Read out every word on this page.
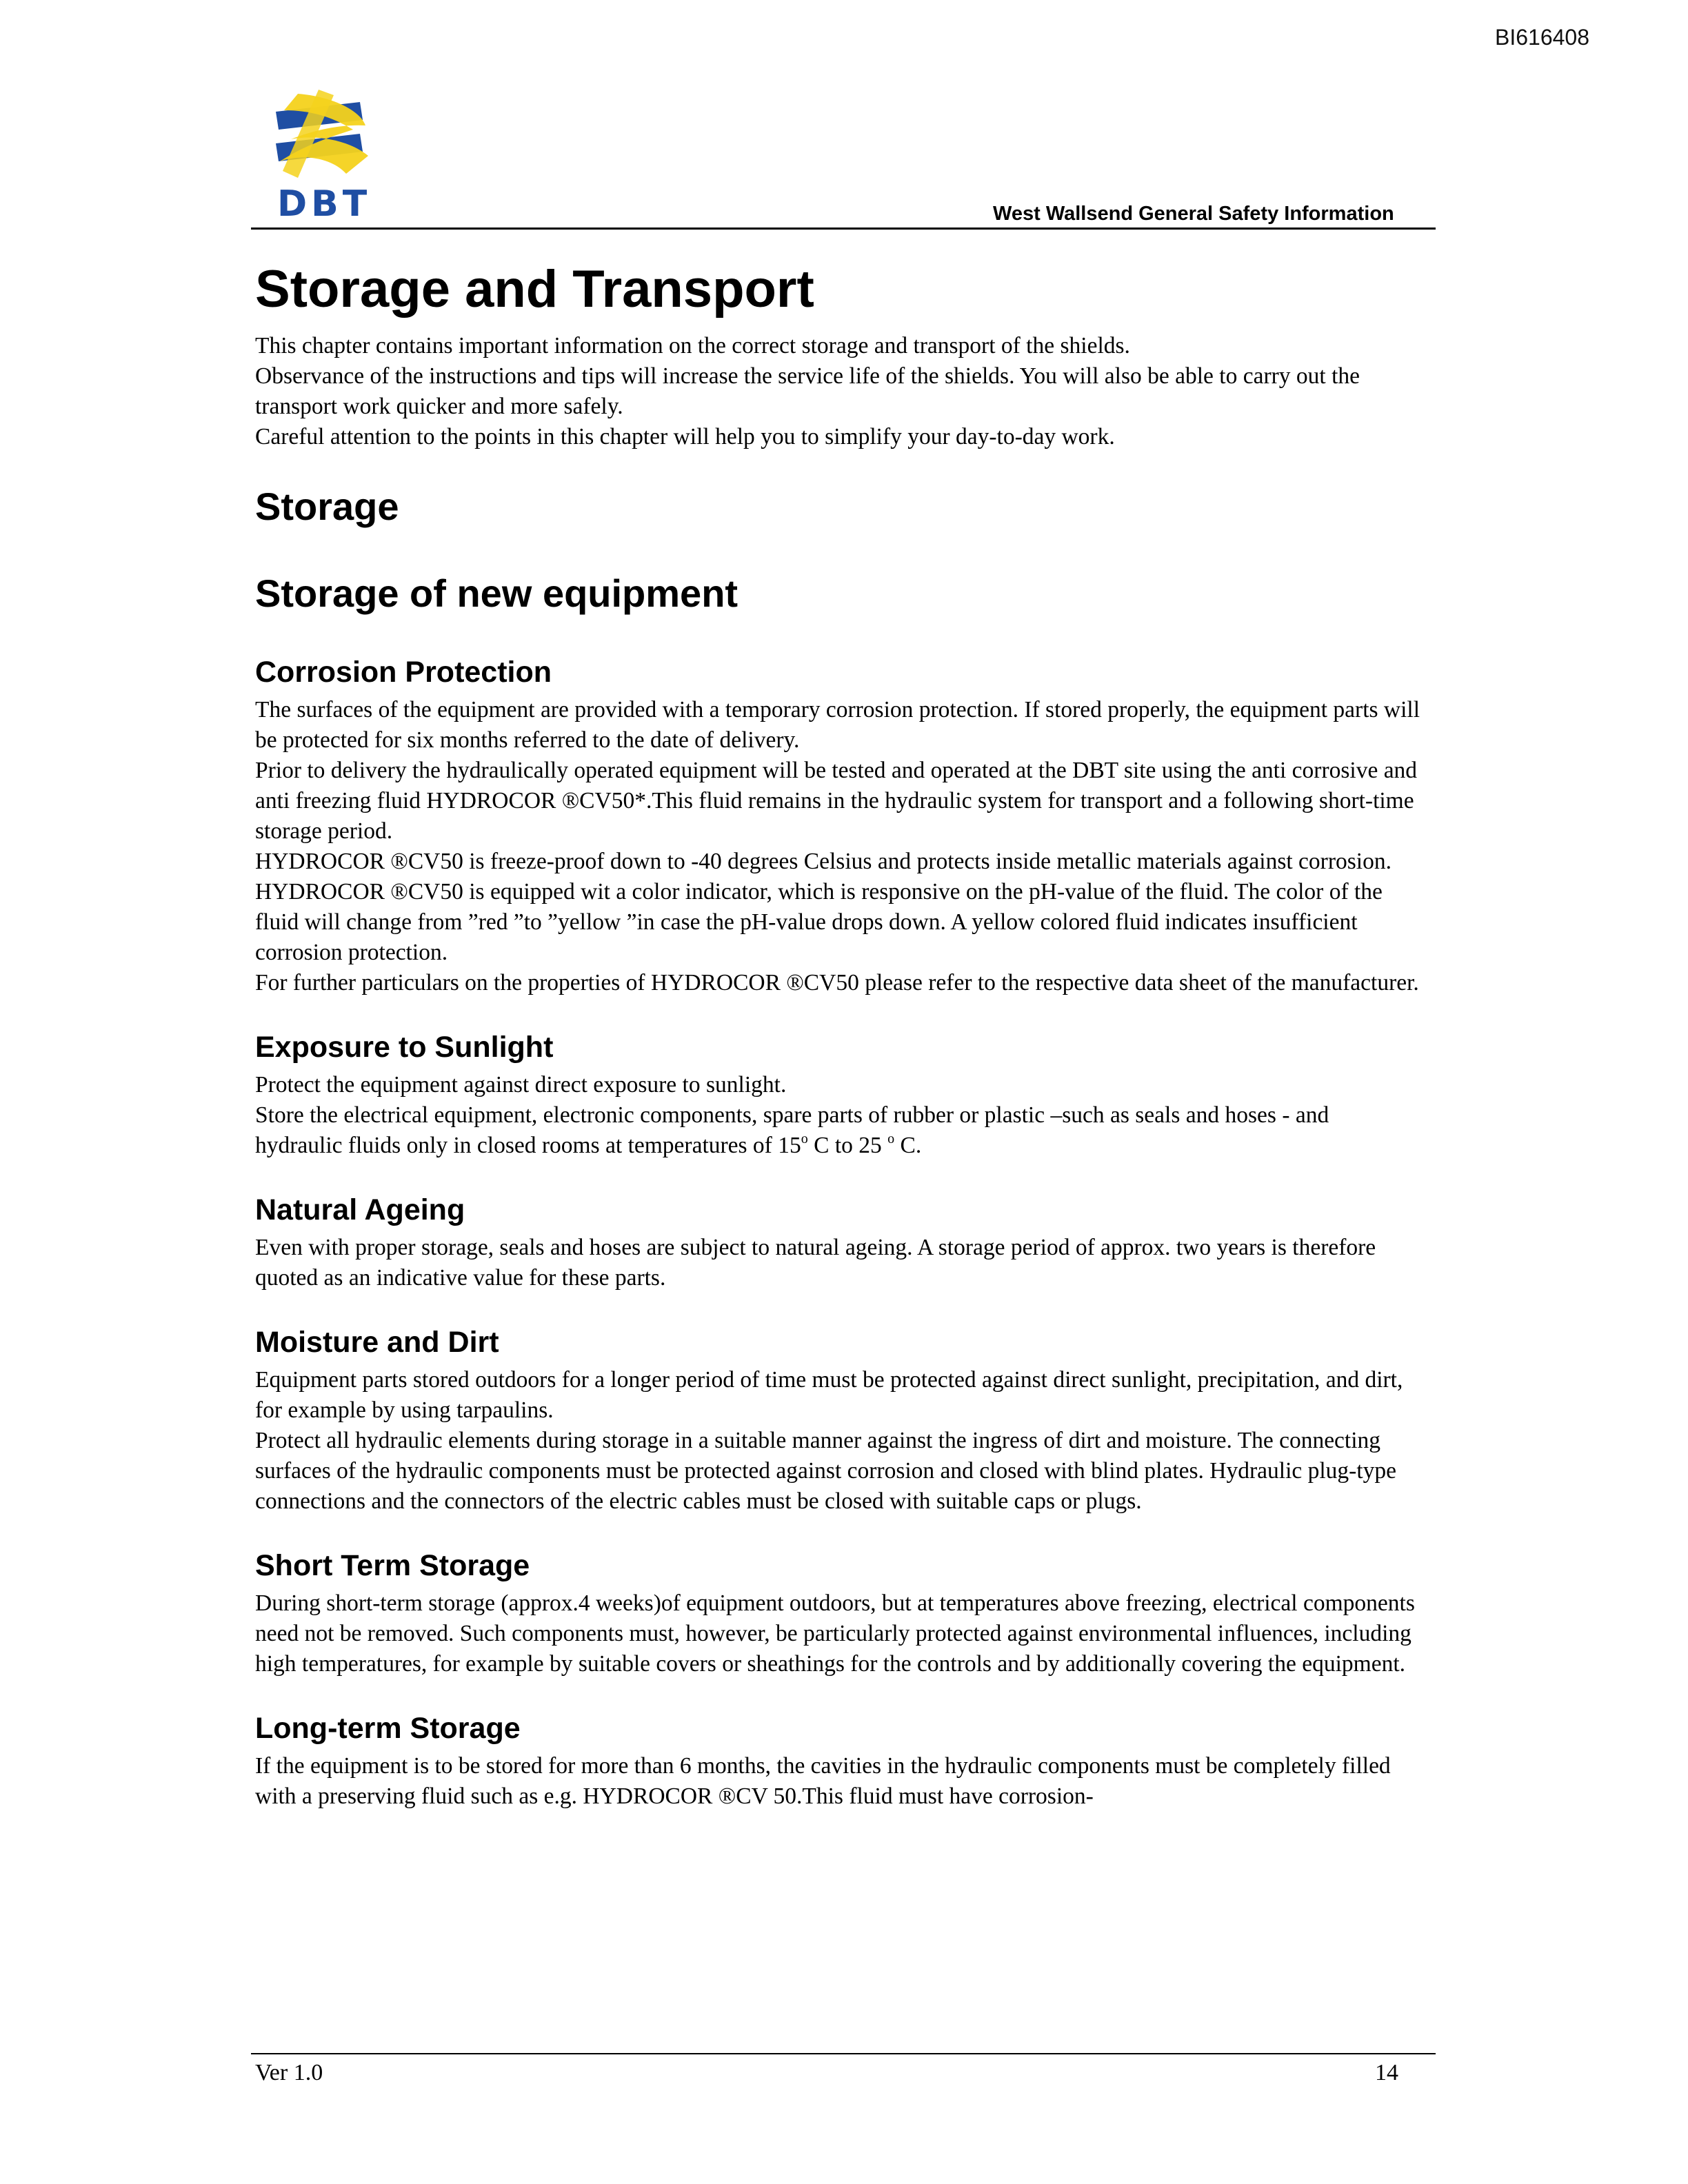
BI616408
DBT	West Wallsend General Safety Information
Storage and Transport

This chapter contains important information on the correct storage and transport of the shields.

Observance of the instructions and tips will increase the service life of the shields. You will also be able to carry out the transport work quicker and more safely.

Careful attention to the points in this chapter will help you to simplify your day-to-day work.

Storage
Storage of new equipment
Corrosion Protection

The surfaces of the equipment are provided with a temporary corrosion protection. If stored properly, the equipment parts will be protected for six months referred to the date of delivery.

Prior to delivery the hydraulically operated equipment will be tested and operated at the DBT site using the anti corrosive and anti freezing fluid HYDROCOR ®CV50*.This fluid remains in the hydraulic system for transport and a following short-time storage period.

HYDROCOR ®CV50 is freeze-proof down to -40 degrees Celsius and protects inside metallic materials against corrosion.

HYDROCOR ®CV50 is equipped wit a color indicator, which is responsive on the pH-value of the fluid. The color of the fluid will change from ”red ”to ”yellow ”in case the pH-value drops down. A yellow colored fluid indicates insufficient corrosion protection.

For further particulars on the properties of HYDROCOR ®CV50 please refer to the respective data sheet of the manufacturer.

Exposure to Sunlight

Protect the equipment against direct exposure to sunlight.

Store the electrical equipment, electronic components, spare parts of rubber or plastic –such as seals and hoses - and hydraulic fluids only in closed rooms at temperatures of 15$^o$ C to 25 $^o$ C.

Natural Ageing

Even with proper storage, seals and hoses are subject to natural ageing. A storage period of approx. two years is therefore quoted as an indicative value for these parts.

Moisture and Dirt

Equipment parts stored outdoors for a longer period of time must be protected against direct sunlight, precipitation, and dirt, for example by using tarpaulins.

Protect all hydraulic elements during storage in a suitable manner against the ingress of dirt and moisture. The connecting surfaces of the hydraulic components must be protected against corrosion and closed with blind plates. Hydraulic plug-type connections and the connectors of the electric cables must be closed with suitable caps or plugs.

Short Term Storage

During short-term storage (approx.4 weeks)of equipment outdoors, but at temperatures above freezing, electrical components need not be removed. Such components must, however, be particularly protected against environmental influences, including high temperatures, for example by suitable covers or sheathings for the controls and by additionally covering the equipment.

Long-term Storage

If the equipment is to be stored for more than 6 months, the cavities in the hydraulic components must be completely filled with a preserving fluid such as e.g. HYDROCOR ®CV 50.This fluid must have corrosion-

Ver 1.0	14
